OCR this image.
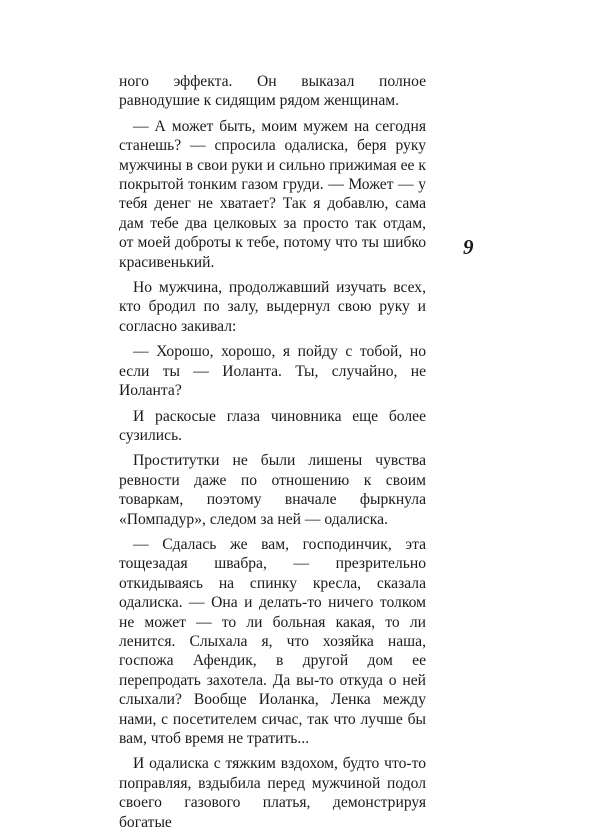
ного эффекта. Он выказал полное равнодушие к сидящим рядом женщинам.

— А может быть, моим мужем на сегодня станешь? — спросила одалиска, беря руку мужчины в свои руки и сильно прижимая ее к покрытой тонким газом груди. — Может — у тебя денег не хватает? Так я добавлю, сама дам тебе два целковых за просто так отдам, от моей доброты к тебе, потому что ты шибко красивенький.

Но мужчина, продолжавший изучать всех, кто бродил по залу, выдернул свою руку и согласно закивал:

— Хорошо, хорошо, я пойду с тобой, но если ты — Иоланта. Ты, случайно, не Иоланта?

И раскосые глаза чиновника еще более сузились.

Проститутки не были лишены чувства ревности даже по отношению к своим товаркам, поэтому вначале фыркнула «Помпадур», следом за ней — одалиска.

— Сдалась же вам, господинчик, эта тощезадая швабра, — презрительно откидываясь на спинку кресла, сказала одалиска. — Она и делать-то ничего толком не может — то ли больная какая, то ли ленится. Слыхала я, что хозяйка наша, госпожа Афендик, в другой дом ее перепродать захотела. Да вы-то откуда о ней слыхали? Вообще Иоланка, Ленка между нами, с посетителем сичас, так что лучше бы вам, чтоб время не тратить...

И одалиска с тяжким вздохом, будто что-то поправляя, вздыбила перед мужчиной подол своего газового платья, демонстрируя богатые

9
